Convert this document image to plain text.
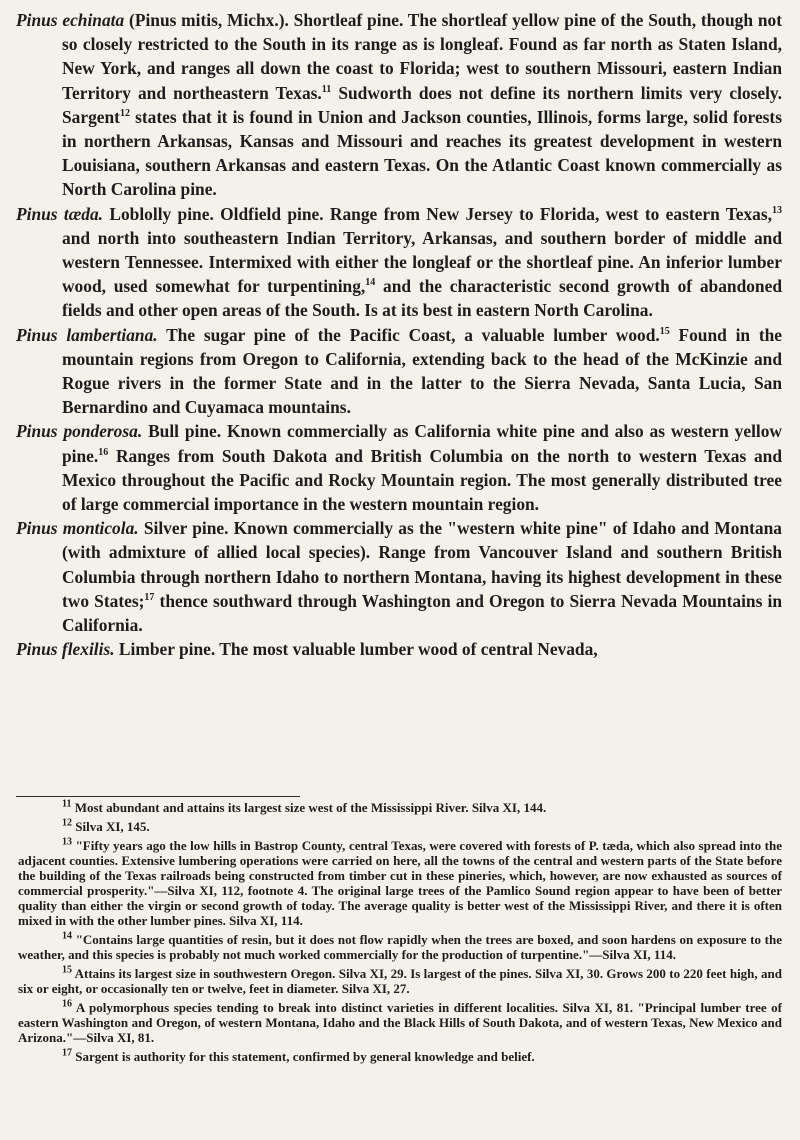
Pinus echinata (Pinus mitis, Michx.). Shortleaf pine. The shortleaf yellow pine of the South, though not so closely restricted to the South in its range as is longleaf. Found as far north as Staten Island, New York, and ranges all down the coast to Florida; west to southern Missouri, eastern Indian Territory and northeastern Texas.$^{11}$ Sudworth does not define its northern limits very closely. Sargent$^{12}$ states that it is found in Union and Jackson counties, Illinois, forms large, solid forests in northern Arkansas, Kansas and Missouri and reaches its greatest development in western Louisiana, southern Arkansas and eastern Texas. On the Atlantic Coast known commercially as North Carolina pine.

Pinus tæda. Loblolly pine. Oldfield pine. Range from New Jersey to Florida, west to eastern Texas,$^{13}$ and north into southeastern Indian Territory, Arkansas, and southern border of middle and western Tennessee. Intermixed with either the longleaf or the shortleaf pine. An inferior lumber wood, used somewhat for turpentining,$^{14}$ and the characteristic second growth of abandoned fields and other open areas of the South. Is at its best in eastern North Carolina.

Pinus lambertiana. The sugar pine of the Pacific Coast, a valuable lumber wood.$^{15}$ Found in the mountain regions from Oregon to California, extending back to the head of the McKinzie and Rogue rivers in the former State and in the latter to the Sierra Nevada, Santa Lucia, San Bernardino and Cuyamaca mountains.

Pinus ponderosa. Bull pine. Known commercially as California white pine and also as western yellow pine.$^{16}$ Ranges from South Dakota and British Columbia on the north to western Texas and Mexico throughout the Pacific and Rocky Mountain region. The most generally distributed tree of large commercial importance in the western mountain region.

Pinus monticola. Silver pine. Known commercially as the "western white pine" of Idaho and Montana (with admixture of allied local species). Range from Vancouver Island and southern British Columbia through northern Idaho to northern Montana, having its highest development in these two States;$^{17}$ thence southward through Washington and Oregon to Sierra Nevada Mountains in California.

Pinus flexilis. Limber pine. The most valuable lumber wood of central Nevada,

$^{11}$ Most abundant and attains its largest size west of the Mississippi River. Silva XI, 144.

$^{12}$ Silva XI, 145.

$^{13}$ "Fifty years ago the low hills in Bastrop County, central Texas, were covered with forests of P. tæda, which also spread into the adjacent counties. Extensive lumbering operations were carried on here, all the towns of the central and western parts of the State before the building of the Texas railroads being constructed from timber cut in these pineries, which, however, are now exhausted as sources of commercial prosperity."—Silva XI, 112, footnote 4. The original large trees of the Pamlico Sound region appear to have been of better quality than either the virgin or second growth of today. The average quality is better west of the Mississippi River, and there it is often mixed in with the other lumber pines. Silva XI, 114.

$^{14}$ "Contains large quantities of resin, but it does not flow rapidly when the trees are boxed, and soon hardens on exposure to the weather, and this species is probably not much worked commercially for the production of turpentine."—Silva XI, 114.

$^{15}$ Attains its largest size in southwestern Oregon. Silva XI, 29. Is largest of the pines. Silva XI, 30. Grows 200 to 220 feet high, and six or eight, or occasionally ten or twelve, feet in diameter. Silva XI, 27.

$^{16}$ A polymorphous species tending to break into distinct varieties in different localities. Silva XI, 81. "Principal lumber tree of eastern Washington and Oregon, of western Montana, Idaho and the Black Hills of South Dakota, and of western Texas, New Mexico and Arizona."—Silva XI, 81.

$^{17}$ Sargent is authority for this statement, confirmed by general knowledge and belief.
